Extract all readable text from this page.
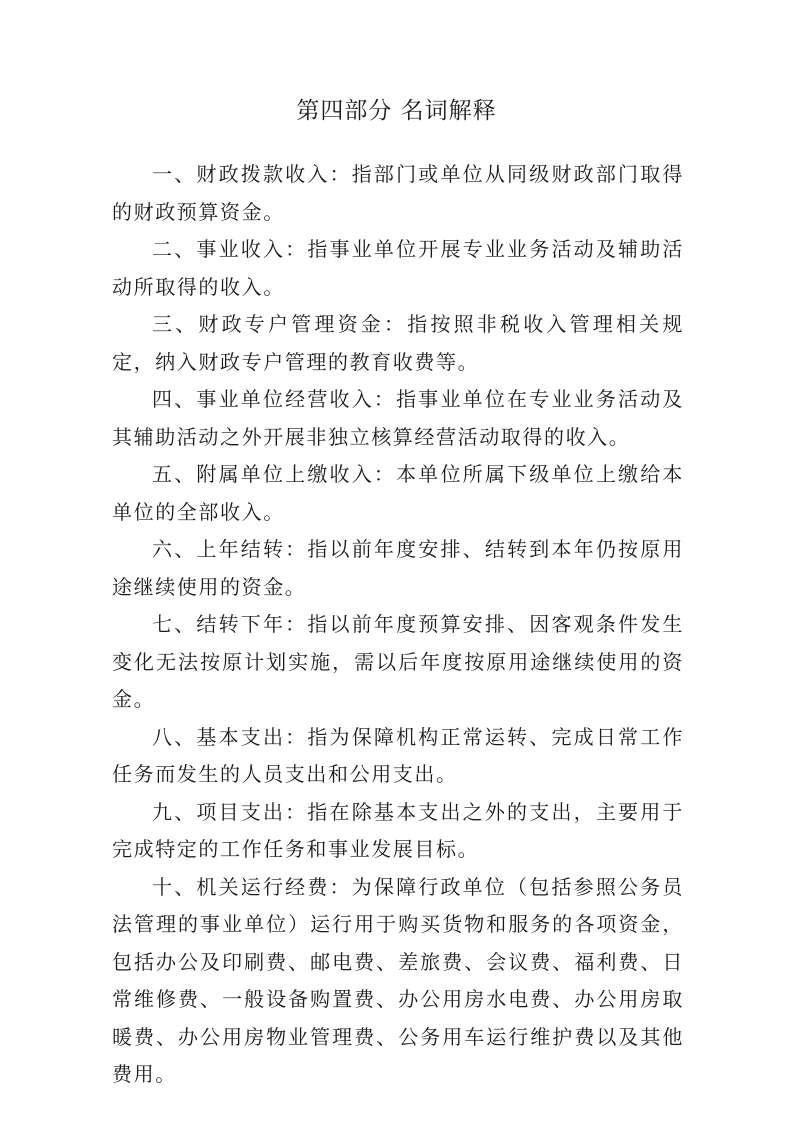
第四部分 名词解释

一、财政拨款收入：指部门或单位从同级财政部门取得的财政预算资金。

二、事业收入：指事业单位开展专业业务活动及辅助活动所取得的收入。

三、财政专户管理资金：指按照非税收入管理相关规定，纳入财政专户管理的教育收费等。

四、事业单位经营收入：指事业单位在专业业务活动及其辅助活动之外开展非独立核算经营活动取得的收入。

五、附属单位上缴收入：本单位所属下级单位上缴给本单位的全部收入。

六、上年结转：指以前年度安排、结转到本年仍按原用途继续使用的资金。

七、结转下年：指以前年度预算安排、因客观条件发生变化无法按原计划实施，需以后年度按原用途继续使用的资金。

八、基本支出：指为保障机构正常运转、完成日常工作任务而发生的人员支出和公用支出。

九、项目支出：指在除基本支出之外的支出，主要用于完成特定的工作任务和事业发展目标。

十、机关运行经费：为保障行政单位（包括参照公务员法管理的事业单位）运行用于购买货物和服务的各项资金，包括办公及印刷费、邮电费、差旅费、会议费、福利费、日常维修费、一般设备购置费、办公用房水电费、办公用房取暖费、办公用房物业管理费、公务用车运行维护费以及其他费用。
